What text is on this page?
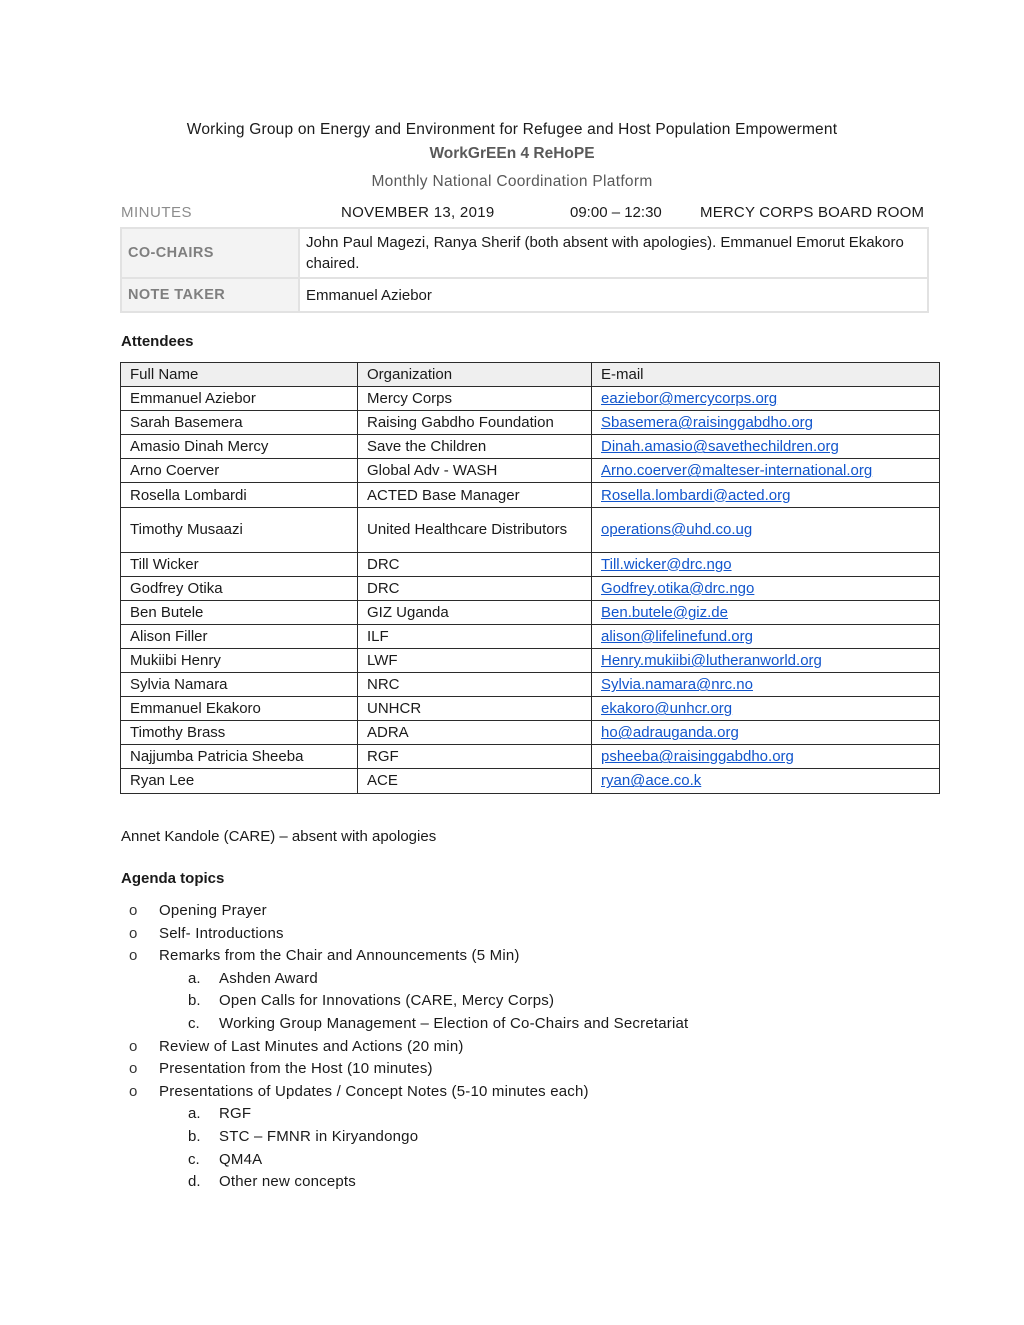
Working Group on Energy and Environment for Refugee and Host Population Empowerment
WorkGrEEn 4 ReHoPE
Monthly National Coordination Platform
MINUTES	NOVEMBER 13, 2019	09:00 – 12:30	MERCY CORPS BOARD ROOM
CO-CHAIRS	John Paul Magezi, Ranya Sherif (both absent with apologies). Emmanuel Emorut Ekakoro chaired.
NOTE TAKER	Emmanuel Aziebor
Attendees
Full Name	Organization	E-mail
Emmanuel Aziebor	Mercy Corps	eaziebor@mercycorps.org
Sarah Basemera	Raising Gabdho Foundation	Sbasemera@raisinggabdho.org
Amasio Dinah Mercy	Save the Children	Dinah.amasio@savethechildren.org
Arno Coerver	Global Adv - WASH	Arno.coerver@malteser-international.org
Rosella Lombardi	ACTED Base Manager	Rosella.lombardi@acted.org
Timothy Musaazi	United Healthcare Distributors	operations@uhd.co.ug
Till Wicker	DRC	Till.wicker@drc.ngo
Godfrey Otika	DRC	Godfrey.otika@drc.ngo
Ben Butele	GIZ Uganda	Ben.butele@giz.de
Alison Filler	ILF	alison@lifelinefund.org
Mukiibi Henry	LWF	Henry.mukiibi@lutheranworld.org
Sylvia Namara	NRC	Sylvia.namara@nrc.no
Emmanuel Ekakoro	UNHCR	ekakoro@unhcr.org
Timothy Brass	ADRA	ho@adrauganda.org
Najjumba Patricia Sheeba	RGF	psheeba@raisinggabdho.org
Ryan Lee	ACE	ryan@ace.co.k
Annet Kandole (CARE) – absent with apologies
Agenda topics
o Opening Prayer
o Self- Introductions
o Remarks from the Chair and Announcements (5 Min)
a. Ashden Award
b. Open Calls for Innovations (CARE, Mercy Corps)
c. Working Group Management – Election of Co-Chairs and Secretariat
o Review of Last Minutes and Actions (20 min)
o Presentation from the Host (10 minutes)
o Presentations of Updates / Concept Notes (5-10 minutes each)
a. RGF
b. STC – FMNR in Kiryandongo
c. QM4A
d. Other new concepts
